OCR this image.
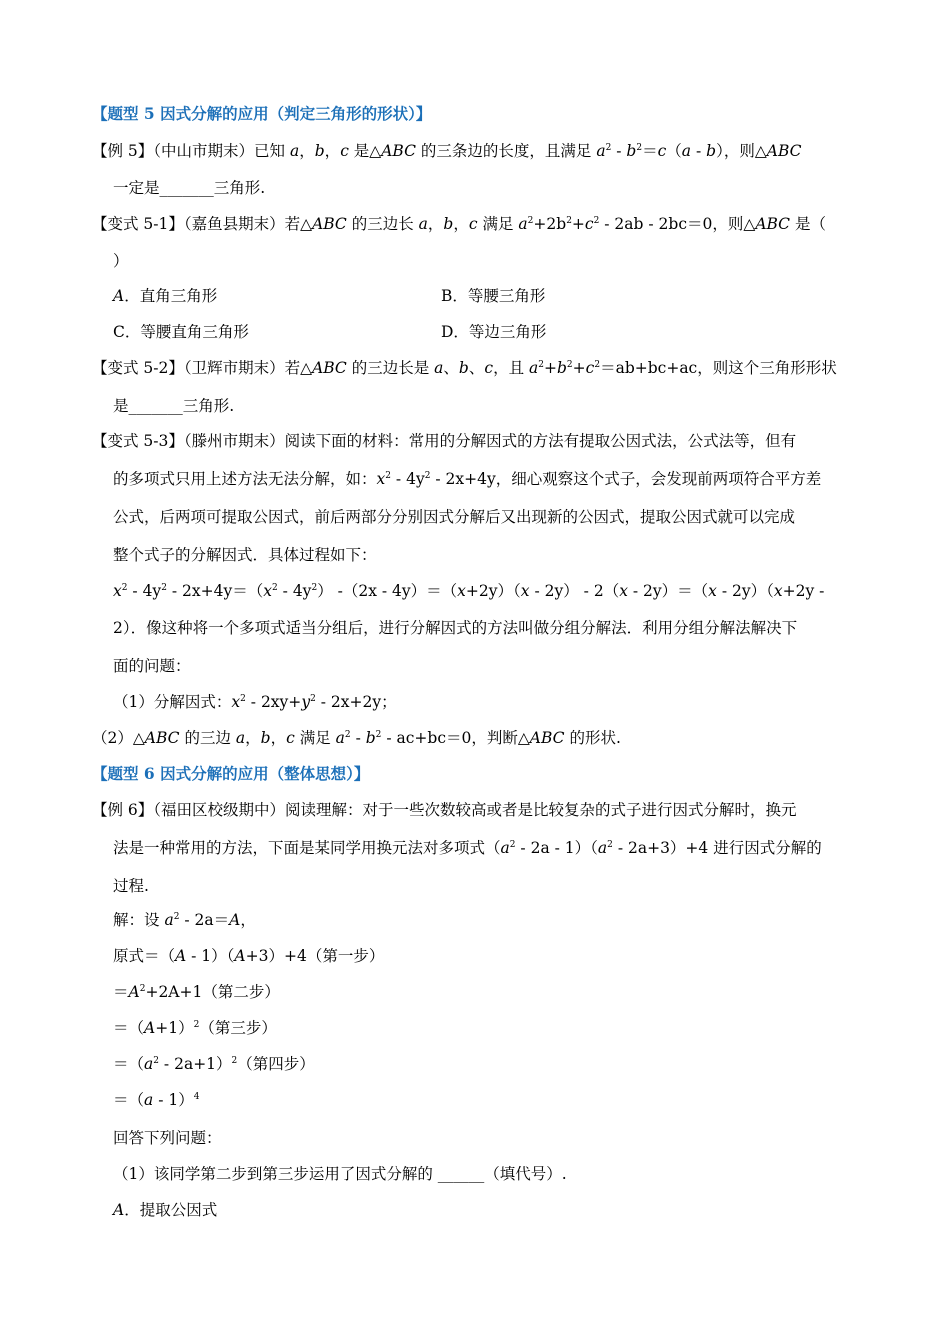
【题型 5 因式分解的应用（判定三角形的形状）】
【例 5】（中山市期末）已知 a，b，c 是△ABC 的三条边的长度，且满足 $a^2 - b^2=c(a - b)$，则△ABC
一定是_______三角形.
【变式 5-1】（嘉鱼县期末）若△ABC 的三边长 a，b，c 满足 $a^2+2b^2+c^2 - 2ab - 2bc=0$，则△ABC 是（
）
A．直角三角形	B．等腰三角形
C．等腰直角三角形	D．等边三角形
【变式 5-2】（卫辉市期末）若△ABC 的三边长是 a、b、c，且 $a^2+b^2+c^2=ab+bc+ac$，则这个三角形形状
是_______三角形.
【变式 5-3】（滕州市期末）阅读下面的材料：常用的分解因式的方法有提取公因式法，公式法等，但有
的多项式只用上述方法无法分解，如：$x^2 - 4y^2 - 2x+4y$，细心观察这个式子，会发现前两项符合平方差
公式，后两项可提取公因式，前后两部分分别因式分解后又出现新的公因式，提取公因式就可以完成
整个式子的分解因式．具体过程如下：
$x^2 - 4y^2 - 2x+4y=(x^2 - 4y^2)$ -（2x - 4y）＝（x+2y）（x - 2y） - 2（x - 2y）＝（x - 2y）（x+2y -
2）．像这种将一个多项式适当分组后，进行分解因式的方法叫做分组分解法．利用分组分解法解决下
面的问题：
（1）分解因式：$x^2 - 2xy+y^2 - 2x+2y$；
（2）△ABC 的三边 a，b，c 满足 $a^2 - b^2 - ac+bc=0$，判断△ABC 的形状.
【题型 6 因式分解的应用（整体思想）】
【例 6】（福田区校级期中）阅读理解：对于一些次数较高或者是比较复杂的式子进行因式分解时，换元
法是一种常用的方法，下面是某同学用换元法对多项式$(a^2 - 2a - 1)(a^2 - 2a+3)+4$ 进行因式分解的
过程.
解：设 $a^2 - 2a=A$，
原式＝（A - 1）（A+3）+4（第一步）
$=A^2+2A+1$（第二步）
$=(A+1)^2$（第三步）
$=(a^2 - 2a+1)^2$（第四步）
＝（a - 1）$^4$
回答下列问题：
（1）该同学第二步到第三步运用了因式分解的 ______（填代号）.
A．提取公因式
